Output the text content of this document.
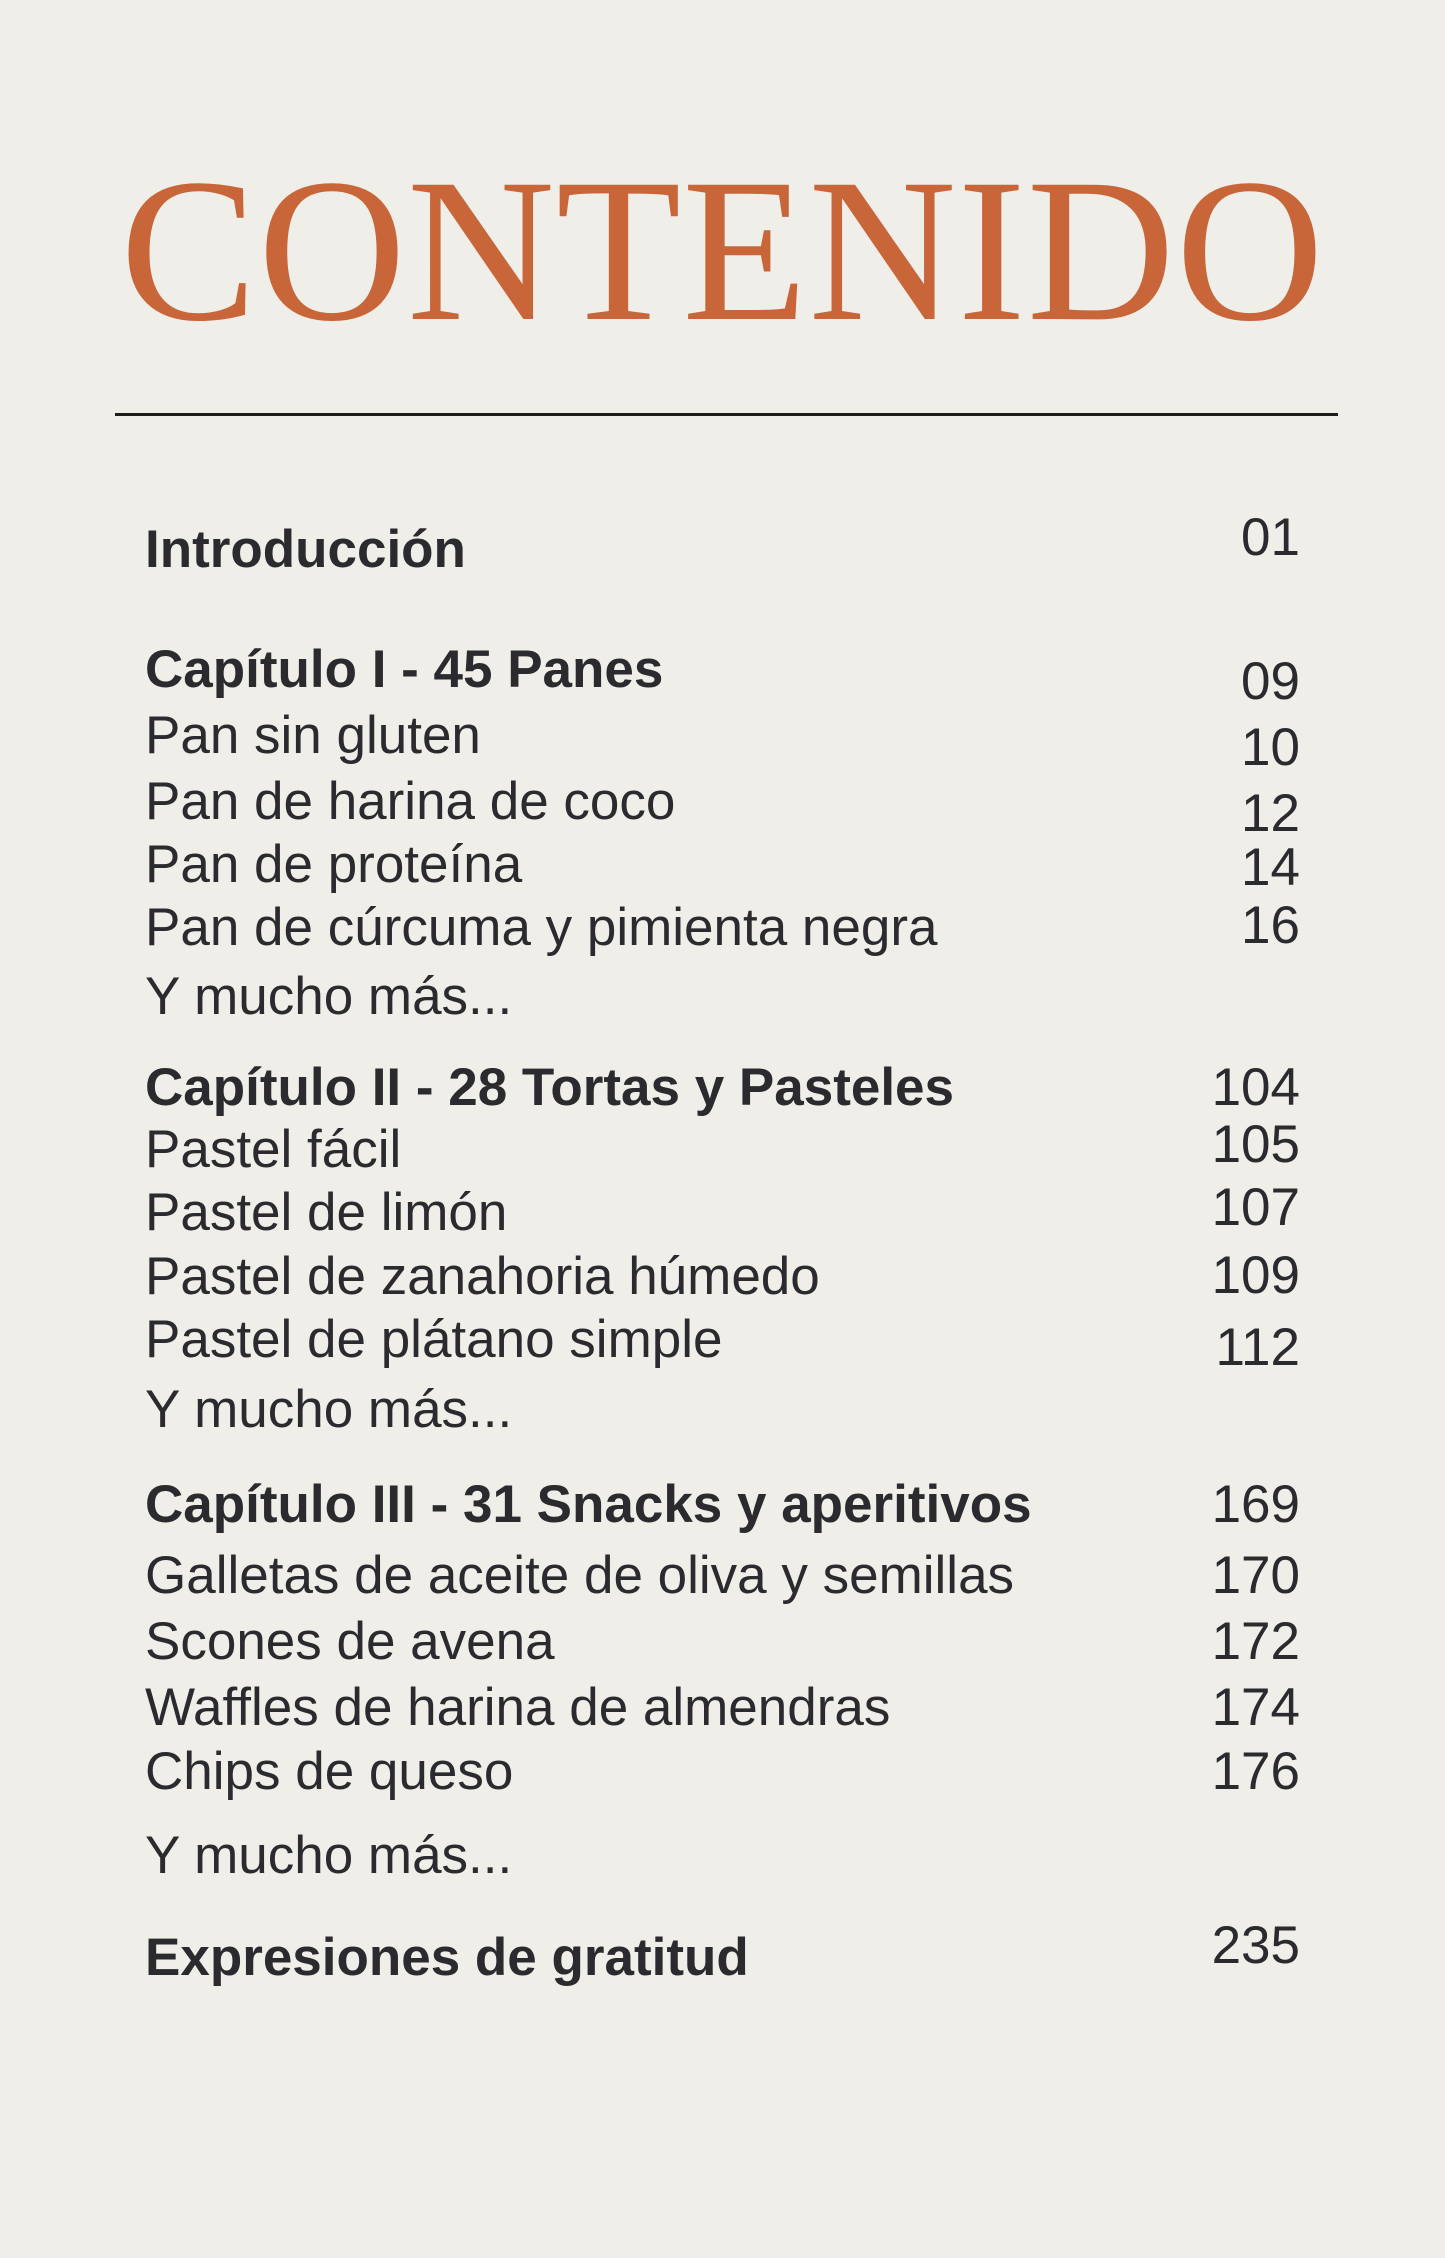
CONTENIDO
Introducción	01
Capítulo I - 45 Panes	09
Pan sin gluten	10
Pan de harina de coco	12
Pan de proteína	14
Pan de cúrcuma y pimienta negra	16
Y mucho más...
Capítulo II - 28 Tortas y Pasteles	104
Pastel fácil	105
Pastel de limón	107
Pastel de zanahoria húmedo	109
Pastel de plátano simple	112
Y mucho más...
Capítulo III - 31 Snacks y aperitivos	169
Galletas de aceite de oliva y semillas	170
Scones de avena	172
Waffles de harina de almendras	174
Chips de queso	176
Y mucho más...
Expresiones de gratitud	235
